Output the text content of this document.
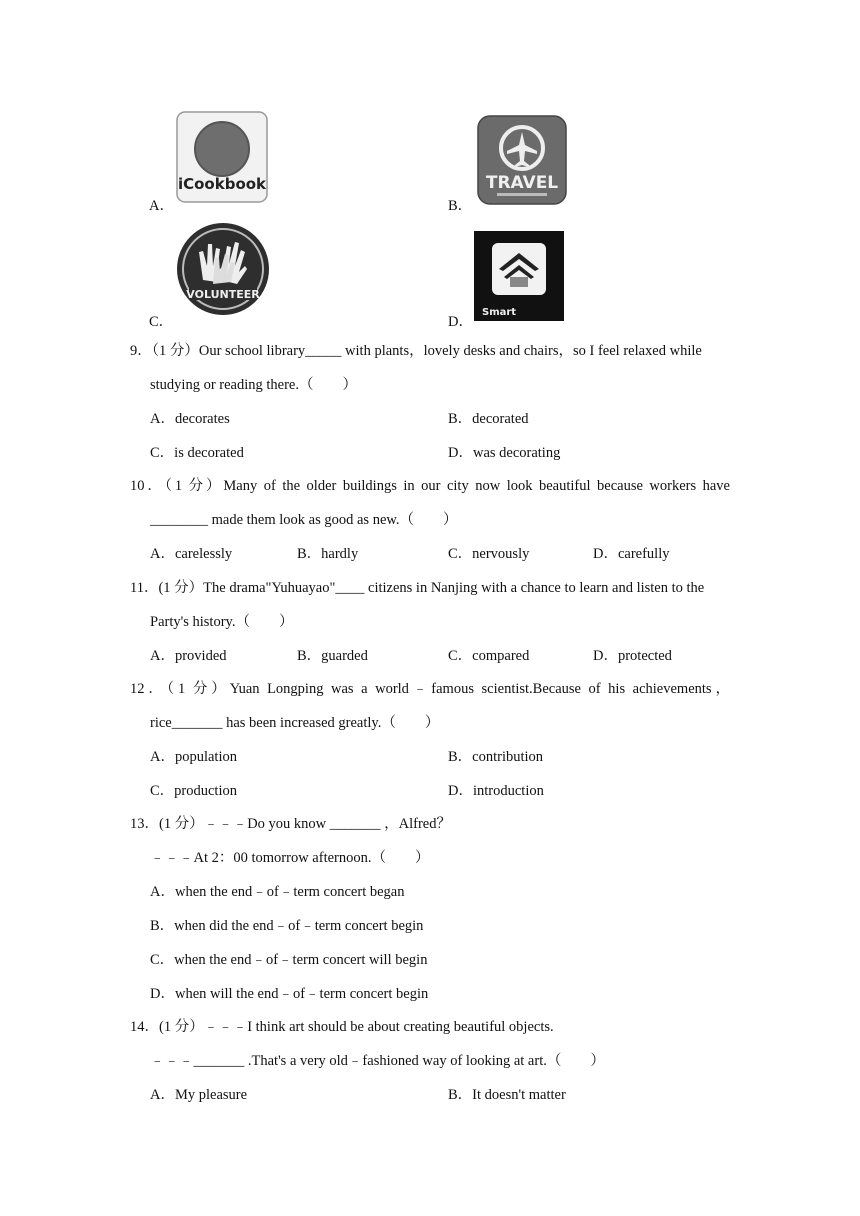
A．
iCookbook
B．
TRAVEL
C．
VOLUNTEER
D．
Smart
9．（1 分）Our school library_____ with plants，lovely desks and chairs，so I feel relaxed while
studying or reading there.（　　）
A．decorates	B．decorated
C．is decorated	D．was decorating
10．（1 分）Many of the older buildings in our city now look beautiful because workers have
________ made them look as good as new.（　　）
A．carelessly	B．hardly	C．nervously	D．carefully
11．(1 分）The drama"Yuhuayao"____ citizens in Nanjing with a chance to learn and listen to the
Party's history.（　　）
A．provided	B．guarded	C．compared	D．protected
12．（1 分）Yuan Longping was a world﹣famous scientist.Because of his achievements，
rice_______ has been increased greatly.（　　）
A．population	B．contribution
C．production	D．introduction
13．(1 分）﹣﹣﹣Do you know _______ ，Alfred？
﹣﹣﹣At 2：00 tomorrow afternoon.（　　）
A．when the end﹣of﹣term concert began
B．when did the end﹣of﹣term concert begin
C．when the end﹣of﹣term concert will begin
D．when will the end﹣of﹣term concert begin
14．(1 分）﹣﹣﹣I think art should be about creating beautiful objects.
﹣﹣﹣_______ .That's a very old﹣fashioned way of looking at art.（　　）
A．My pleasure	B．It doesn't matter
